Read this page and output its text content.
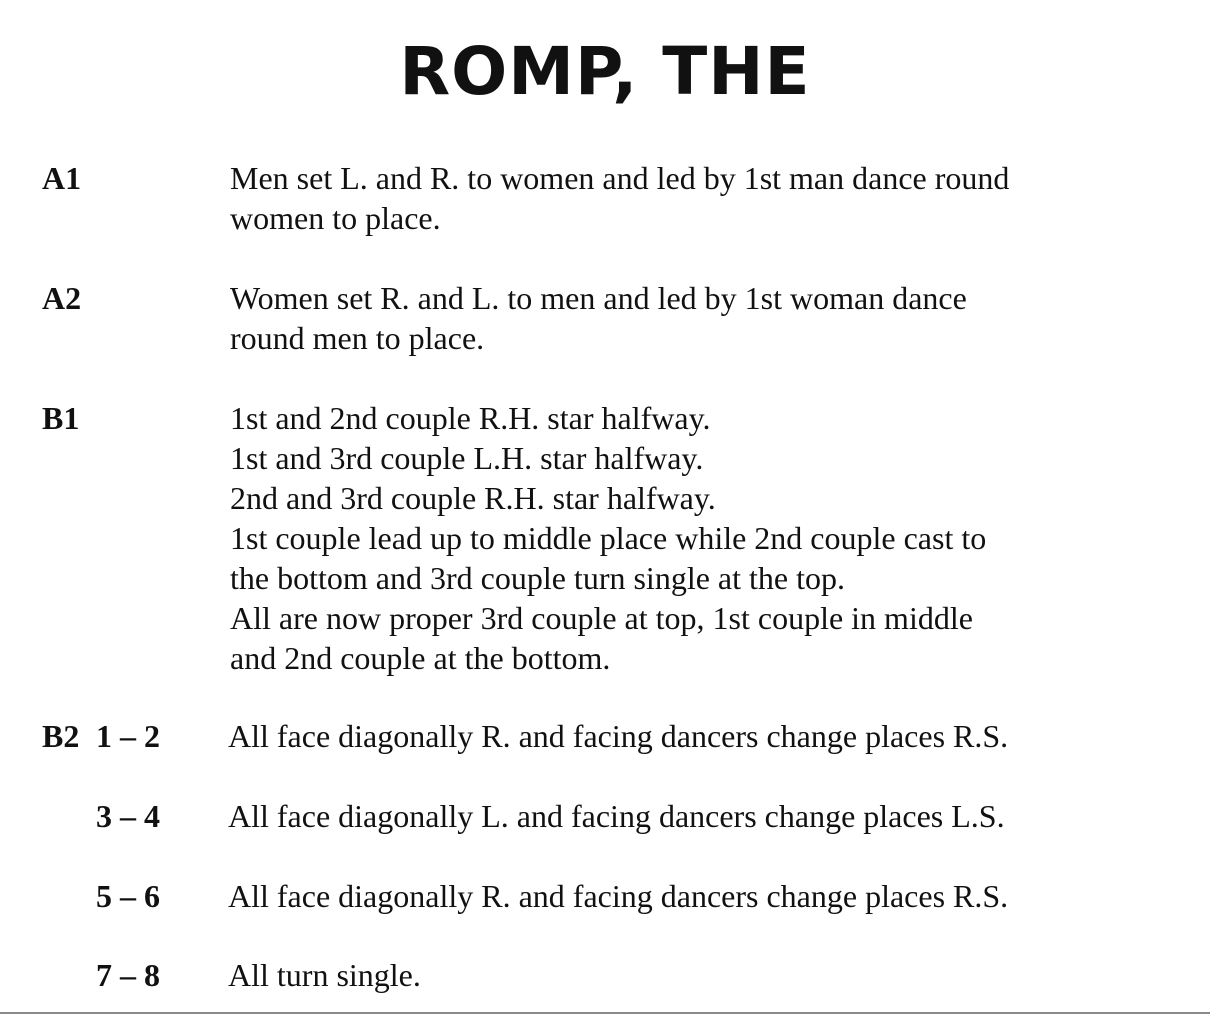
ROMP, THE
A1	Men set L. and R. to women and led by 1st man dance round
women to place.
A2	Women set R. and L. to men and led by 1st woman dance
round men to place.
B1	1st and 2nd couple R.H. star halfway.
1st and 3rd couple L.H. star halfway.
2nd and 3rd couple R.H. star halfway.
1st couple lead up to middle place while 2nd couple cast to
the bottom and 3rd couple turn single at the top.
All are now proper 3rd couple at top, 1st couple in middle
and 2nd couple at the bottom.
B2 1 – 2 All face diagonally R. and facing dancers change places R.S.
3 – 4 All face diagonally L. and facing dancers change places L.S.
5 – 6 All face diagonally R. and facing dancers change places R.S.
7 – 8 All turn single.
